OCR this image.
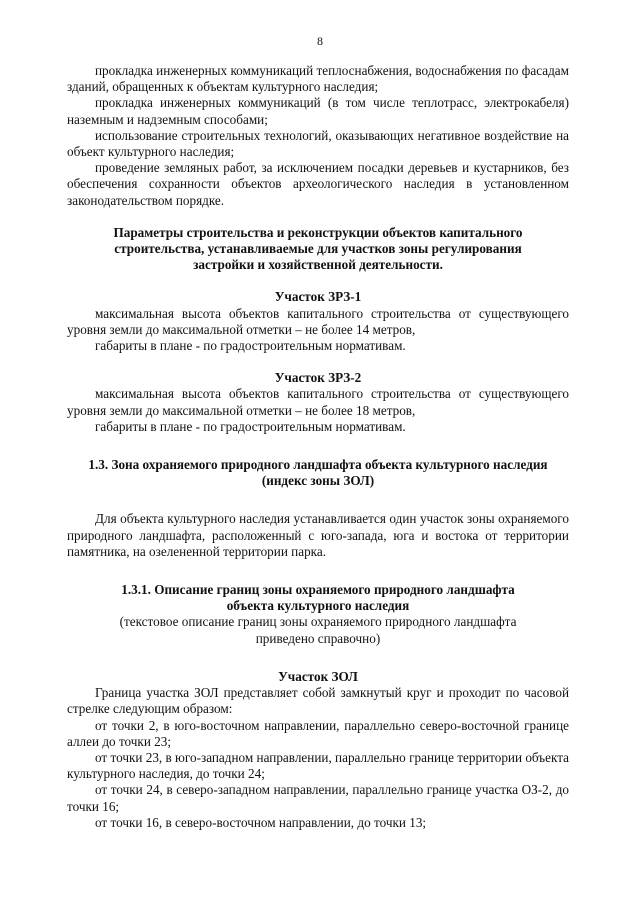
8

прокладка инженерных коммуникаций теплоснабжения, водоснабжения по фасадам зданий, обращенных к объектам культурного наследия;

прокладка инженерных коммуникаций (в том числе теплотрасс, электрокабеля) наземным и надземным способами;

использование строительных технологий, оказывающих негативное воздействие на объект культурного наследия;

проведение земляных работ, за исключением посадки деревьев и кустарников, без обеспечения сохранности объектов археологического наследия в установленном законодательством порядке.

Параметры строительства и реконструкции объектов капитального строительства, устанавливаемые для участков зоны регулирования застройки и хозяйственной деятельности.

Участок ЗРЗ-1

максимальная высота объектов капитального строительства от существующего уровня земли до максимальной отметки – не более 14 метров,

габариты в плане - по градостроительным нормативам.

Участок ЗРЗ-2

максимальная высота объектов капитального строительства от существующего уровня земли до максимальной отметки – не более 18 метров,

габариты в плане - по градостроительным нормативам.

1.3. Зона охраняемого природного ландшафта объекта культурного наследия (индекс зоны ЗОЛ)

Для объекта культурного наследия устанавливается один участок зоны охраняемого природного ландшафта, расположенный с юго-запада, юга и востока от территории памятника, на озелененной территории парка.

1.3.1. Описание границ зоны охраняемого природного ландшафта объекта культурного наследия

(текстовое описание границ зоны охраняемого природного ландшафта приведено справочно)

Участок ЗОЛ

Граница участка ЗОЛ представляет собой замкнутый круг и проходит по часовой стрелке следующим образом:

от точки 2, в юго-восточном направлении, параллельно северо-восточной границе аллеи до точки 23;

от точки 23, в юго-западном направлении, параллельно границе территории объекта культурного наследия, до точки 24;

от точки 24, в северо-западном направлении, параллельно границе участка ОЗ-2, до точки 16;

от точки 16, в северо-восточном направлении, до точки 13;
